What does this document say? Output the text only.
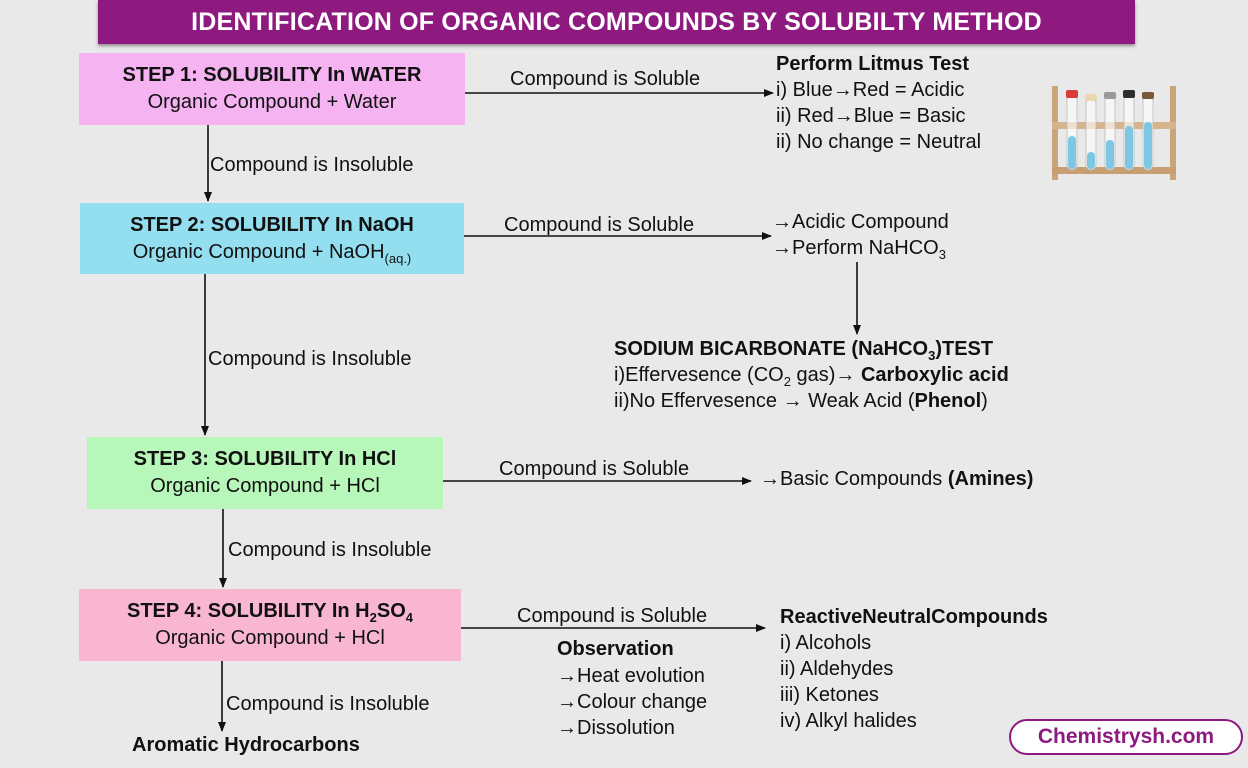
IDENTIFICATION OF ORGANIC COMPOUNDS BY SOLUBILTY METHOD
STEP 1: SOLUBILITY In WATER
Organic Compound + Water
STEP 2: SOLUBILITY In NaOH
Organic Compound + NaOH$_{(aq.)}$
STEP 3: SOLUBILITY In HCl
Organic Compound + HCl
STEP 4: SOLUBILITY In $H_2SO_4$
Organic Compound + HCl
Compound is Soluble
Compound is Insoluble
Compound is Soluble
Compound is Insoluble
Compound is Soluble
Compound is Insoluble
Compound is Soluble
Compound is Insoluble
Perform Litmus Test
i) Blue→Red = Acidic
ii) Red→Blue = Basic
ii) No change = Neutral
→Acidic Compound
→Perform NaHCO$_3$
SODIUM BICARBONATE (NaHCO$_3$)TEST
i)Effervesence ($CO_2$ gas)→ Carboxylic acid
ii)No Effervesence → Weak Acid (Phenol)
→Basic Compounds (Amines)
Observation
→Heat evolution
→Colour change
→Dissolution
ReactiveNeutralCompounds
i) Alcohols
ii) Aldehydes
iii) Ketones
iv) Alkyl halides
Aromatic Hydrocarbons	Chemistrysh.com
